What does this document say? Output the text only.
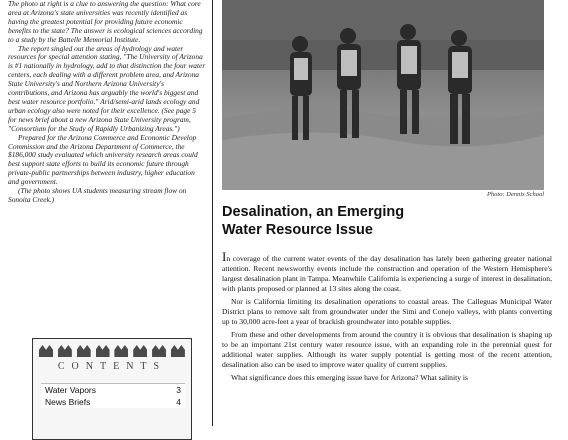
The photo at right is a clue to answering the question: What core area at Arizona's state universities was recently identified as having the greatest potential for providing future economic benefits to the state? The answer is ecological sciences according to a study by the Battelle Memorial Institute.

The report singled out the areas of hydrology and water resources for special attention stating, "The University of Arizona is #1 nationally in hydrology, add to that distinction the four water centers, each dealing with a different problem area, and Arizona State University's and Northern Arizona University's contributions, and Arizona has arguably the world's biggest and best water resource portfolio." Arid/semi-arid lands ecology and urban ecology also were noted for their excellence. (See page 5 for news brief about a new Arizona State University program, "Consortium for the Study of Rapidly Urbanizing Areas.")

Prepared for the Arizona Commerce and Economic Develop Commission and the Arizona Department of Commerce, the $186,000 study evaluated which university research areas could best support state efforts to build its economic future through private-public partnerships between industry, higher education and government.

(The photo shows UA students measuring stream flow on Sonoita Creek.)

CONTENTS
Water Vapors	3
News Briefs	4
Photo: Dennis Schaal
Desalination, an Emerging
Water Resource Issue

In coverage of the current water events of the day desalination has lately been gathering greater national attention. Recent newsworthy events include the construction and operation of the Western Hemisphere's largest desalination plant in Tampa. Meanwhile California is experiencing a surge of interest in desalination, with plants proposed or planned at 13 sites along the coast.

Nor is California limiting its desalination operations to coastal areas. The Calleguas Municipal Water District plans to remove salt from groundwater under the Simi and Conejo valleys, with plants converting up to 30,000 acre-feet a year of brackish groundwater into potable supplies.

From these and other developments from around the country it is obvious that desalination is shaping up to be an important 21st century water resource issue, with an expanding role in the perennial quest for additional water supplies. Although its water supply potential is getting most of the recent attention, desalination also can be used to improve water quality of current supplies.

What significance does this emerging issue have for Arizona? What salinity is
